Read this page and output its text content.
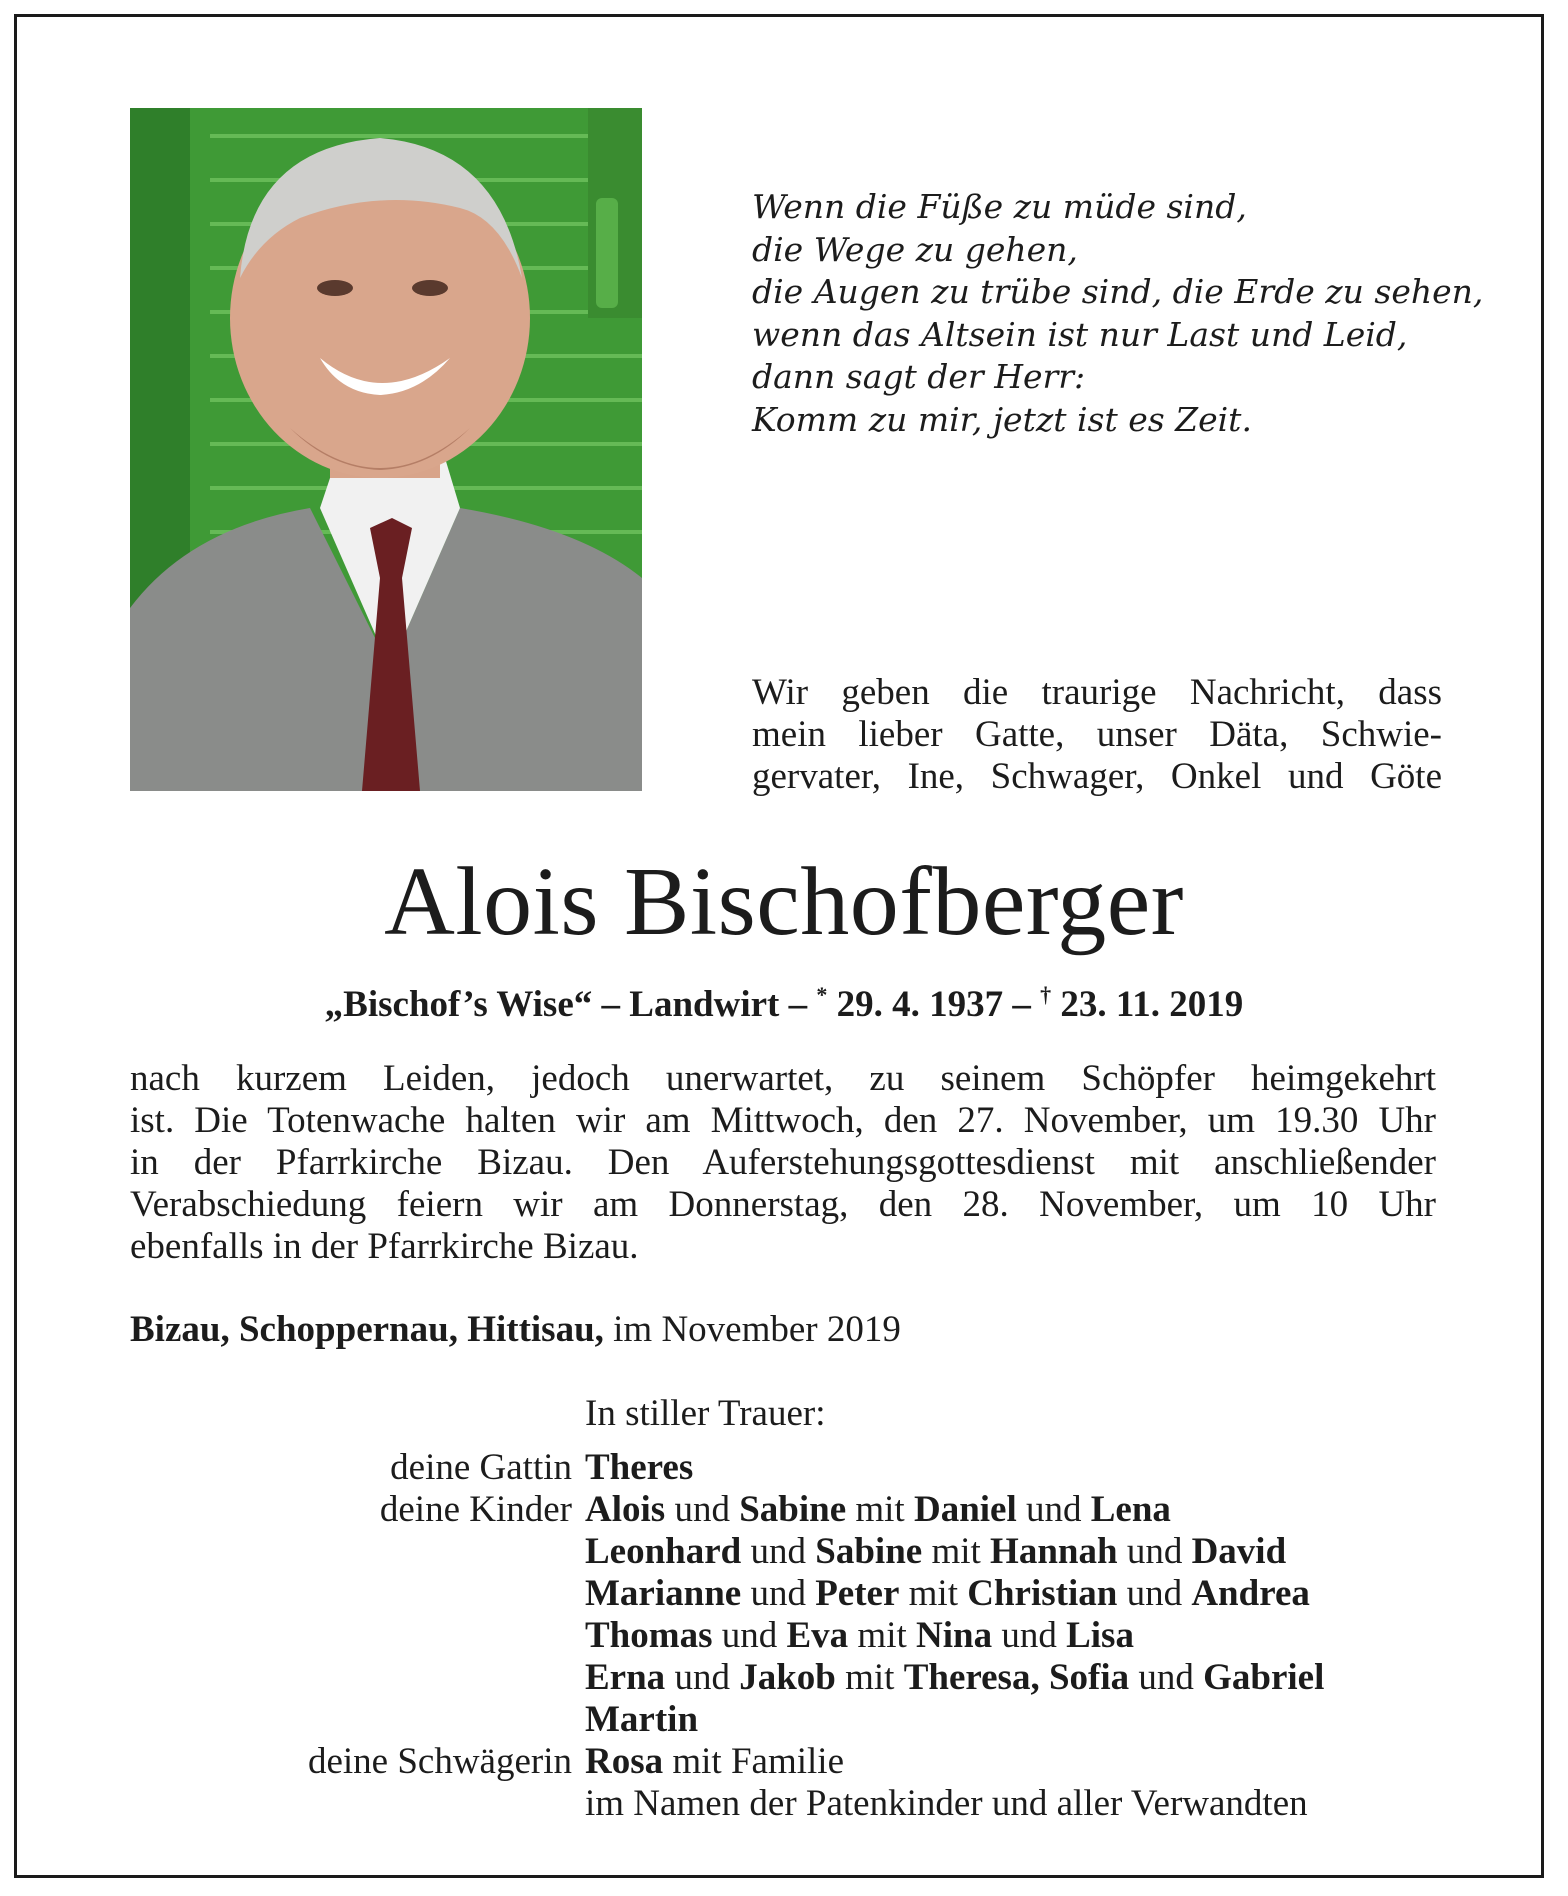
Wenn die Füße zu müde sind,
die Wege zu gehen,
die Augen zu trübe sind, die Erde zu sehen,
wenn das Altsein ist nur Last und Leid,
dann sagt der Herr:
Komm zu mir, jetzt ist es Zeit.
Wir geben die traurige Nachricht, dass
mein lieber Gatte, unser Däta, Schwie-
gervater, Ine, Schwager, Onkel und Göte
Alois Bischofberger
„Bischof’s Wise“ – Landwirt – * 29. 4. 1937 – † 23. 11. 2019
nach kurzem Leiden, jedoch unerwartet, zu seinem Schöpfer heimgekehrt
ist. Die Totenwache halten wir am Mittwoch, den 27. November, um 19.30 Uhr
in der Pfarrkirche Bizau. Den Auferstehungsgottesdienst mit anschließender
Verabschiedung feiern wir am Donnerstag, den 28. November, um 10 Uhr
ebenfalls in der Pfarrkirche Bizau.
Bizau, Schoppernau, Hittisau, im November 2019
In stiller Trauer:
deine Gattin Theres
deine Kinder Alois und Sabine mit Daniel und Lena
Leonhard und Sabine mit Hannah und David
Marianne und Peter mit Christian und Andrea
Thomas und Eva mit Nina und Lisa
Erna und Jakob mit Theresa, Sofia und Gabriel
Martin
deine Schwägerin Rosa mit Familie
im Namen der Patenkinder und aller Verwandten
